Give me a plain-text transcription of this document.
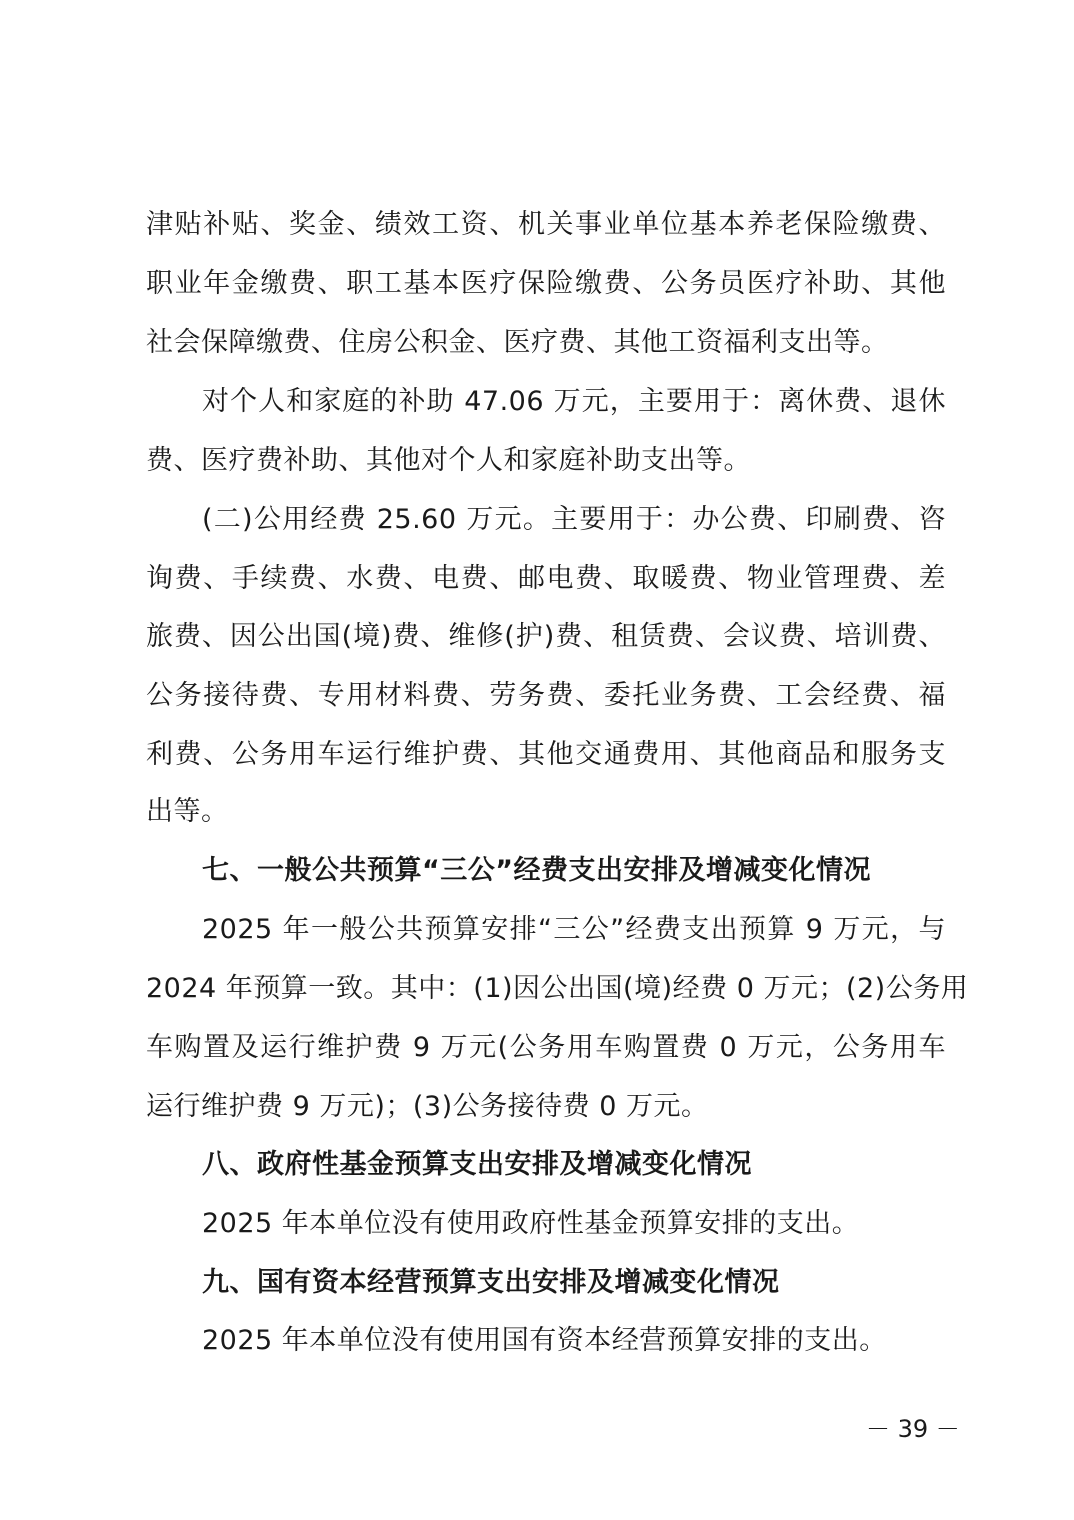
津贴补贴、奖金、绩效工资、机关事业单位基本养老保险缴费、
职业年金缴费、职工基本医疗保险缴费、公务员医疗补助、其他
社会保障缴费、住房公积金、医疗费、其他工资福利支出等。
对个人和家庭的补助 47.06 万元，主要用于：离休费、退休
费、医疗费补助、其他对个人和家庭补助支出等。
(二)公用经费 25.60 万元。主要用于：办公费、印刷费、咨
询费、手续费、水费、电费、邮电费、取暖费、物业管理费、差
旅费、因公出国(境)费、维修(护)费、租赁费、会议费、培训费、
公务接待费、专用材料费、劳务费、委托业务费、工会经费、福
利费、公务用车运行维护费、其他交通费用、其他商品和服务支
出等。
七、一般公共预算“三公”经费支出安排及增减变化情况
2025 年一般公共预算安排“三公”经费支出预算 9 万元，与
2024 年预算一致。其中：(1)因公出国(境)经费 0 万元；(2)公务用
车购置及运行维护费 9 万元(公务用车购置费 0 万元，公务用车
运行维护费 9 万元)；(3)公务接待费 0 万元。
八、政府性基金预算支出安排及增减变化情况
2025 年本单位没有使用政府性基金预算安排的支出。
九、国有资本经营预算支出安排及增减变化情况
2025 年本单位没有使用国有资本经营预算安排的支出。
－ 39 －
